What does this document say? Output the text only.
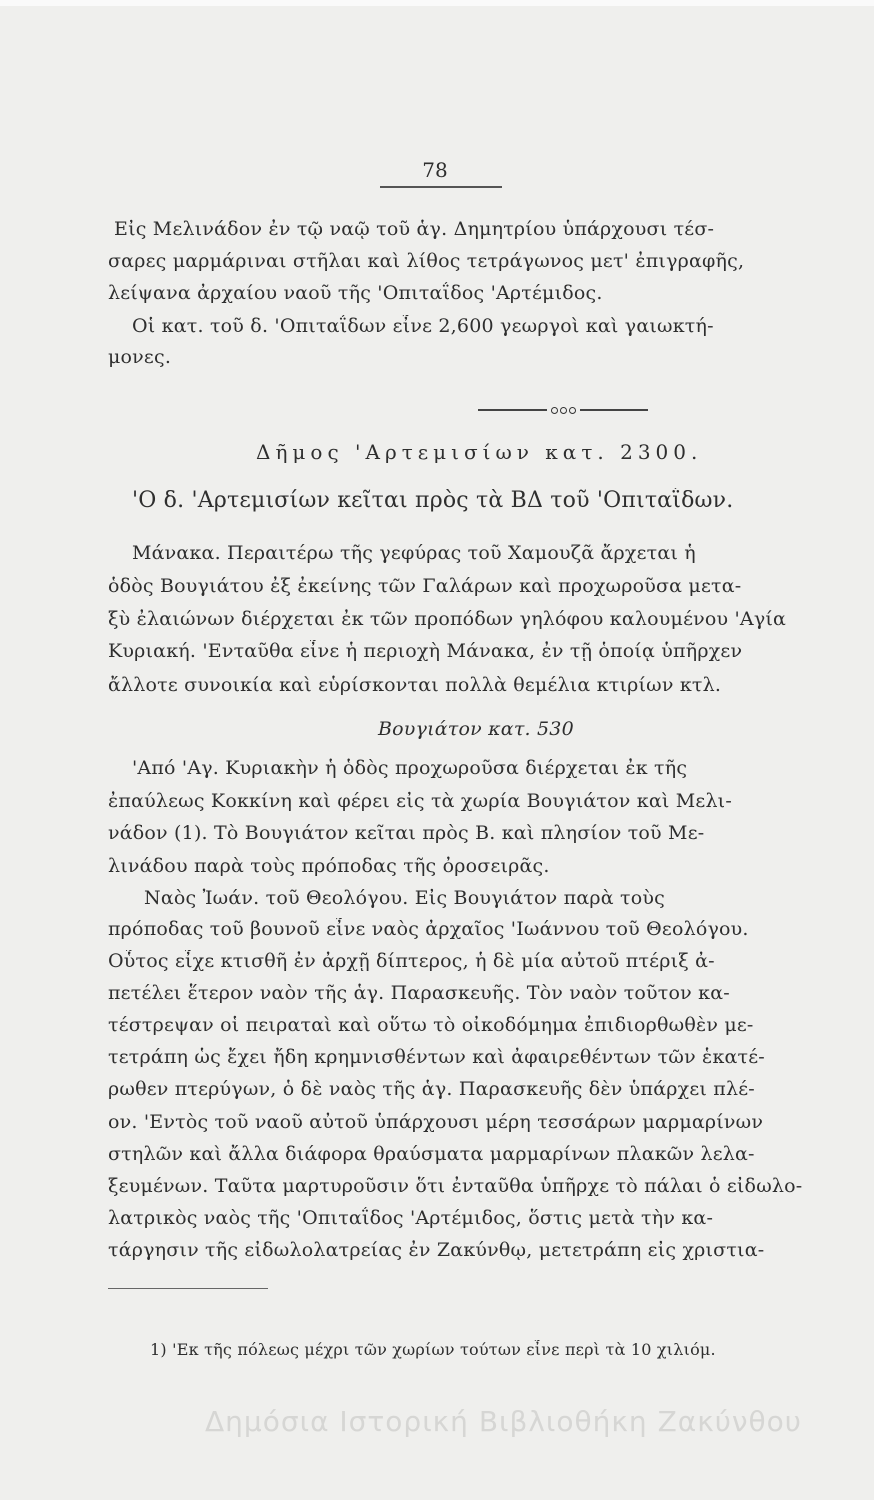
78
Εἰς Μελινάδον ἐν τῷ ναῷ τοῦ ἁγ. Δημητρίου ὑπάρχουσι τέσ-
σαρες μαρμάριναι στῆλαι καὶ λίθος τετράγωνος μετ' ἐπιγραφῆς,
λείψανα ἀρχαίου ναοῦ τῆς 'Οπιταΐδος 'Αρτέμιδος.
Οἱ κατ. τοῦ δ. 'Οπιταΐδων εἶνε 2,600 γεωργοὶ καὶ γαιωκτή-
μονες.
Δῆμος 'Αρτεμισίων κατ. 2300.
'Ο δ. 'Αρτεμισίων κεῖται πρὸς τὰ ΒΔ τοῦ 'Οπιταΐδων.
Μάνακα. Περαιτέρω τῆς γεφύρας τοῦ Χαμουζᾶ ἄρχεται ἡ
ὁδὸς Βουγιάτου ἐξ ἐκείνης τῶν Γαλάρων καὶ προχωροῦσα μετα-
ξὺ ἐλαιώνων διέρχεται ἐκ τῶν προπόδων γηλόφου καλουμένου 'Αγία
Κυριακή. 'Ενταῦθα εἶνε ἡ περιοχὴ Μάνακα, ἐν τῇ ὁποίᾳ ὑπῆρχεν
ἄλλοτε συνοικία καὶ εὑρίσκονται πολλὰ θεμέλια κτιρίων κτλ.
Βουγιάτον κατ. 530
'Από 'Αγ. Κυριακὴν ἡ ὁδὸς προχωροῦσα διέρχεται ἐκ τῆς
ἐπαύλεως Κοκκίνη καὶ φέρει εἰς τὰ χωρία Βουγιάτον καὶ Μελι-
νάδον (1). Τὸ Βουγιάτον κεῖται πρὸς Β. καὶ πλησίον τοῦ Με-
λινάδου παρὰ τοὺς πρόποδας τῆς ὀροσειρᾶς.
Ναὸς Ἰωάν. τοῦ Θεολόγου. Εἰς Βουγιάτον παρὰ τοὺς
πρόποδας τοῦ βουνοῦ εἶνε ναὸς ἀρχαῖος 'Ιωάννου τοῦ Θεολόγου.
Οὗτος εἶχε κτισθῆ ἐν ἀρχῇ δίπτερος, ἡ δὲ μία αὐτοῦ πτέριξ ἀ-
πετέλει ἕτερον ναὸν τῆς ἁγ. Παρασκευῆς. Τὸν ναὸν τοῦτον κα-
τέστρεψαν οἱ πειραταὶ καὶ οὕτω τὸ οἰκοδόμημα ἐπιδιορθωθὲν με-
τετράπη ὡς ἔχει ἤδη κρημνισθέντων καὶ ἀφαιρεθέντων τῶν ἑκατέ-
ρωθεν πτερύγων, ὁ δὲ ναὸς τῆς ἁγ. Παρασκευῆς δὲν ὑπάρχει πλέ-
ον. 'Εντὸς τοῦ ναοῦ αὐτοῦ ὑπάρχουσι μέρη τεσσάρων μαρμαρίνων
στηλῶν καὶ ἄλλα διάφορα θραύσματα μαρμαρίνων πλακῶν λελα-
ξευμένων. Ταῦτα μαρτυροῦσιν ὅτι ἐνταῦθα ὑπῆρχε τὸ πάλαι ὁ εἰδωλο-
λατρικὸς ναὸς τῆς 'Οπιταΐδος 'Αρτέμιδος, ὅστις μετὰ τὴν κα-
τάργησιν τῆς εἰδωλολατρείας ἐν Ζακύνθῳ, μετετράπη εἰς χριστια-
1) 'Εκ τῆς πόλεως μέχρι τῶν χωρίων τούτων εἶνε περὶ τὰ 10 χιλιόμ.
Δημόσια Ιστορική Βιβλιοθήκη Ζακύνθου
